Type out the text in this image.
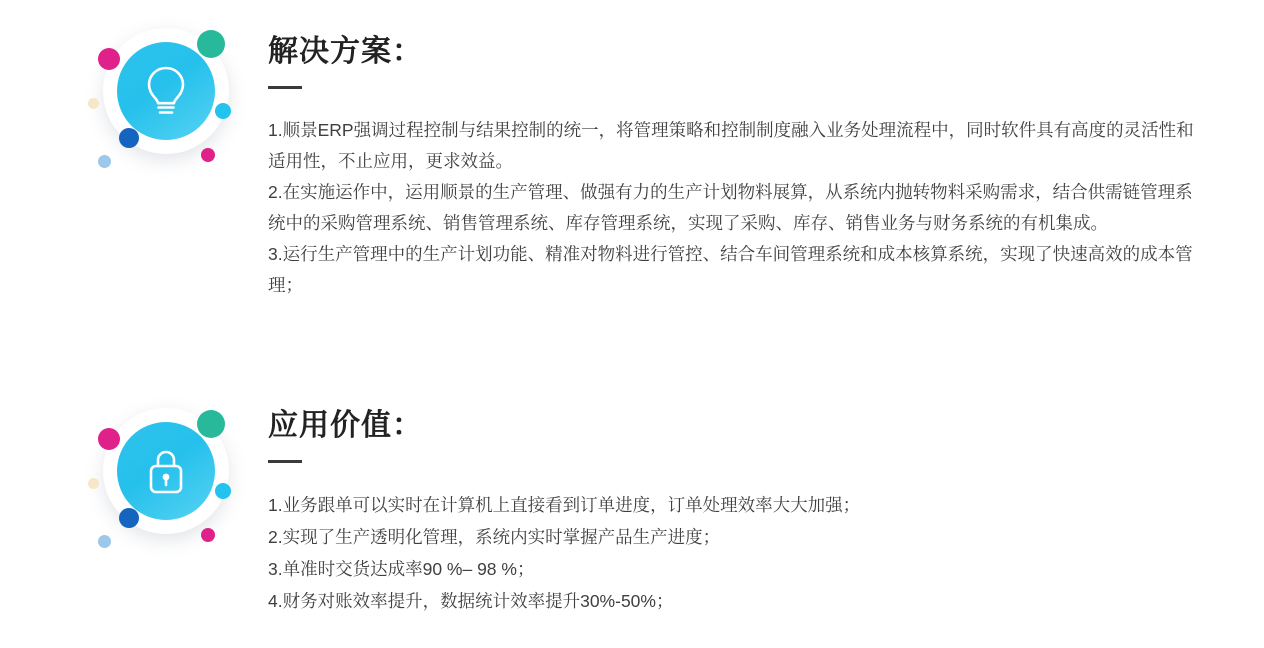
解决方案：

1.顺景ERP强调过程控制与结果控制的统一，将管理策略和控制制度融入业务处理流程中，同时软件具有高度的灵活性和适用性，不止应用，更求效益。

2.在实施运作中，运用顺景的生产管理、做强有力的生产计划物料展算，从系统内抛转物料采购需求，结合供需链管理系统中的采购管理系统、销售管理系统、库存管理系统，实现了采购、库存、销售业务与财务系统的有机集成。

3.运行生产管理中的生产计划功能、精准对物料进行管控、结合车间管理系统和成本核算系统，实现了快速高效的成本管理；

应用价值：

1.业务跟单可以实时在计算机上直接看到订单进度，订单处理效率大大加强；

2.实现了生产透明化管理，系统内实时掌握产品生产进度；

3.单准时交货达成率90 %– 98 %；

4.财务对账效率提升，数据统计效率提升30%-50%；
